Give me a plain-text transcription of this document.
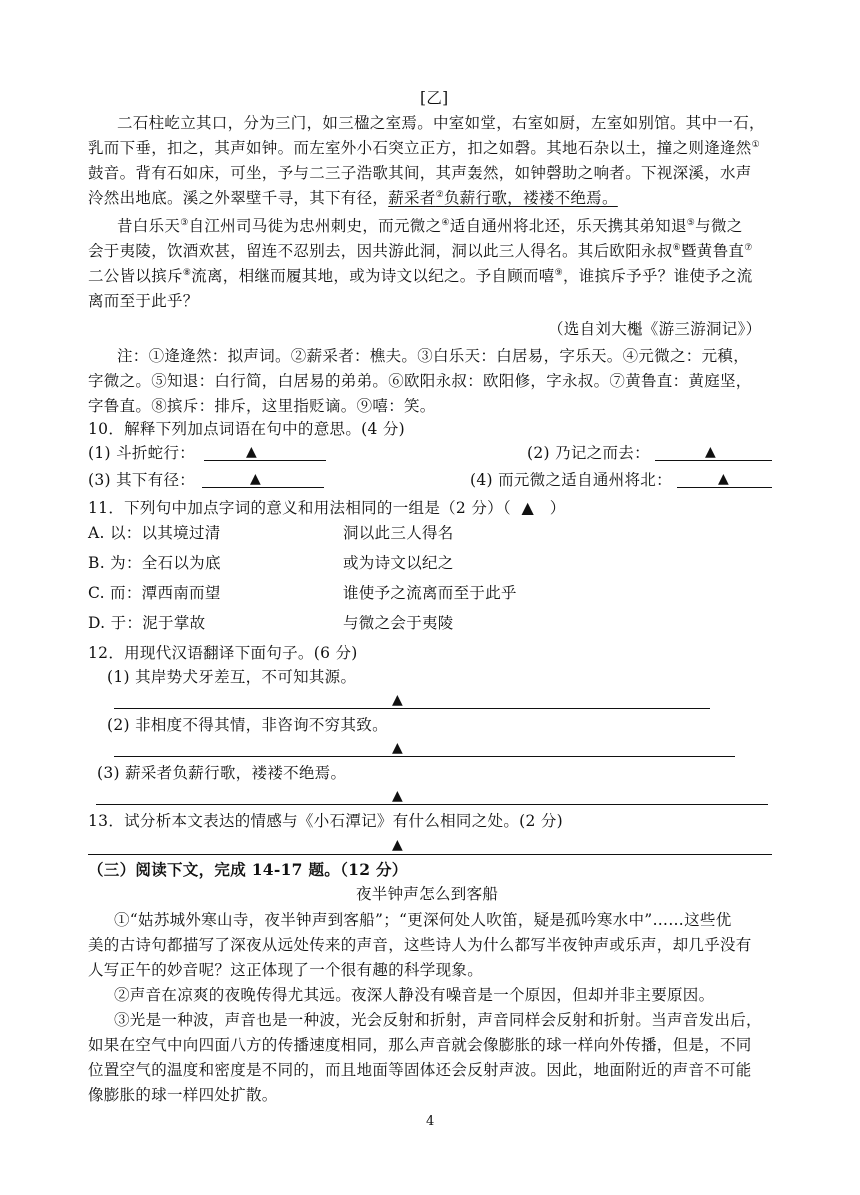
[乙]
二石柱屹立其口，分为三门，如三楹之室焉。中室如堂，右室如厨，左室如别馆。其中一石，
乳而下垂，扣之，其声如钟。而左室外小石突立正方，扣之如磬。其地石杂以土，撞之则逄逄然①
鼓音。背有石如床，可坐，予与二三子浩歌其间，其声轰然，如钟磬助之响者。下视深溪，水声
泠然出地底。溪之外翠壁千寻，其下有径，薪采者②负薪行歌，褛褛不绝焉。
昔白乐天③自江州司马徙为忠州刺史，而元微之④适自通州将北还，乐天携其弟知退⑤与微之
会于夷陵，饮酒欢甚，留连不忍别去，因共游此洞，洞以此三人得名。其后欧阳永叔⑥暨黄鲁直⑦
二公皆以摈斥⑧流离，相继而履其地，或为诗文以纪之。予自顾而嘻⑨，谁摈斥予乎？谁使予之流
离而至于此乎？
（选自刘大櫆《游三游洞记》）
注：①逄逄然：拟声词。②薪采者：樵夫。③白乐天：白居易，字乐天。④元微之：元稹，
字微之。⑤知退：白行简，白居易的弟弟。⑥欧阳永叔：欧阳修，字永叔。⑦黄鲁直：黄庭坚，
字鲁直。⑧摈斥：排斥，这里指贬谪。⑨嘻：笑。
10．解释下列加点词语在句中的意思。(4 分)
(1) 斗折蛇行：	▲	(2) 乃记之而去：	▲
(3) 其下有径：	▲	(4) 而元微之适自通州将北：	▲
11．下列句中加点字词的意义和用法相同的一组是（2 分）（ ▲ ）
A. 以：以其境过清	洞以此三人得名
B. 为：全石以为底	或为诗文以纪之
C. 而：潭西南而望	谁使予之流离而至于此乎
D. 于：泥于掌故	与微之会于夷陵
12．用现代汉语翻译下面句子。(6 分)
(1) 其岸势犬牙差互，不可知其源。
▲
(2) 非相度不得其情，非咨询不穷其致。
▲
(3) 薪采者负薪行歌，褛褛不绝焉。
▲
13．试分析本文表达的情感与《小石潭记》有什么相同之处。(2 分)
▲
（三）阅读下文，完成 14-17 题。（12 分）
夜半钟声怎么到客船
①“姑苏城外寒山寺，夜半钟声到客船”；“更深何处人吹笛，疑是孤吟寒水中”……这些优
美的古诗句都描写了深夜从远处传来的声音，这些诗人为什么都写半夜钟声或乐声，却几乎没有
人写正午的妙音呢？这正体现了一个很有趣的科学现象。
②声音在凉爽的夜晚传得尤其远。夜深人静没有噪音是一个原因，但却并非主要原因。
③光是一种波，声音也是一种波，光会反射和折射，声音同样会反射和折射。当声音发出后，
如果在空气中向四面八方的传播速度相同，那么声音就会像膨胀的球一样向外传播，但是，不同
位置空气的温度和密度是不同的，而且地面等固体还会反射声波。因此，地面附近的声音不可能
像膨胀的球一样四处扩散。
4
